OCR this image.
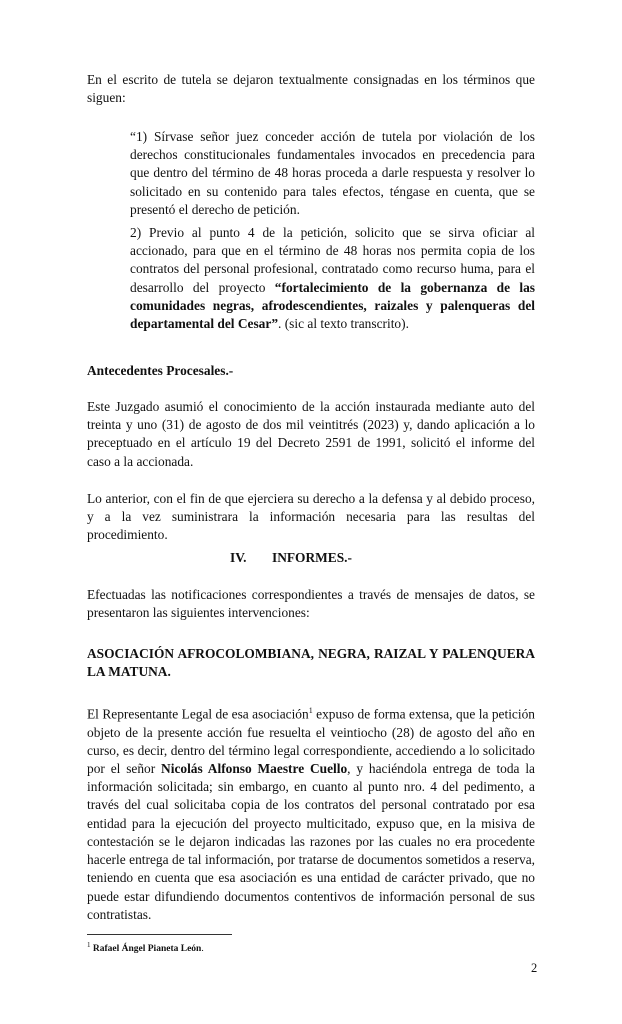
En el escrito de tutela se dejaron textualmente consignadas en los términos que siguen:

“1) Sírvase señor juez conceder acción de tutela por violación de los derechos constitucionales fundamentales invocados en precedencia para que dentro del término de 48 horas proceda a darle respuesta y resolver lo solicitado en su contenido para tales efectos, téngase en cuenta, que se presentó el derecho de petición.

2) Previo al punto 4 de la petición, solicito que se sirva oficiar al accionado, para que en el término de 48 horas nos permita copia de los contratos del personal profesional, contratado como recurso huma, para el desarrollo del proyecto “fortalecimiento de la gobernanza de las comunidades negras, afrodescendientes, raizales y palenqueras del departamental del Cesar”. (sic al texto transcrito).

Antecedentes Procesales.-

Este Juzgado asumió el conocimiento de la acción instaurada mediante auto del treinta y uno (31) de agosto de dos mil veintitrés (2023) y, dando aplicación a lo preceptuado en el artículo 19 del Decreto 2591 de 1991, solicitó el informe del caso a la accionada.

Lo anterior, con el fin de que ejerciera su derecho a la defensa y al debido proceso, y a la vez suministrara la información necesaria para las resultas del procedimiento.

IV. INFORMES.-

Efectuadas las notificaciones correspondientes a través de mensajes de datos, se presentaron las siguientes intervenciones:

ASOCIACIÓN AFROCOLOMBIANA, NEGRA, RAIZAL Y PALENQUERA LA MATUNA.

El Representante Legal de esa asociación$^1$ expuso de forma extensa, que la petición objeto de la presente acción fue resuelta el veintiocho (28) de agosto del año en curso, es decir, dentro del término legal correspondiente, accediendo a lo solicitado por el señor Nicolás Alfonso Maestre Cuello, y haciéndola entrega de toda la información solicitada; sin embargo, en cuanto al punto nro. 4 del pedimento, a través del cual solicitaba copia de los contratos del personal contratado por esa entidad para la ejecución del proyecto multicitado, expuso que, en la misiva de contestación se le dejaron indicadas las razones por las cuales no era procedente hacerle entrega de tal información, por tratarse de documentos sometidos a reserva, teniendo en cuenta que esa asociación es una entidad de carácter privado, que no puede estar difundiendo documentos contentivos de información personal de sus contratistas.

$^1$ Rafael Ángel Pianeta León.
2
